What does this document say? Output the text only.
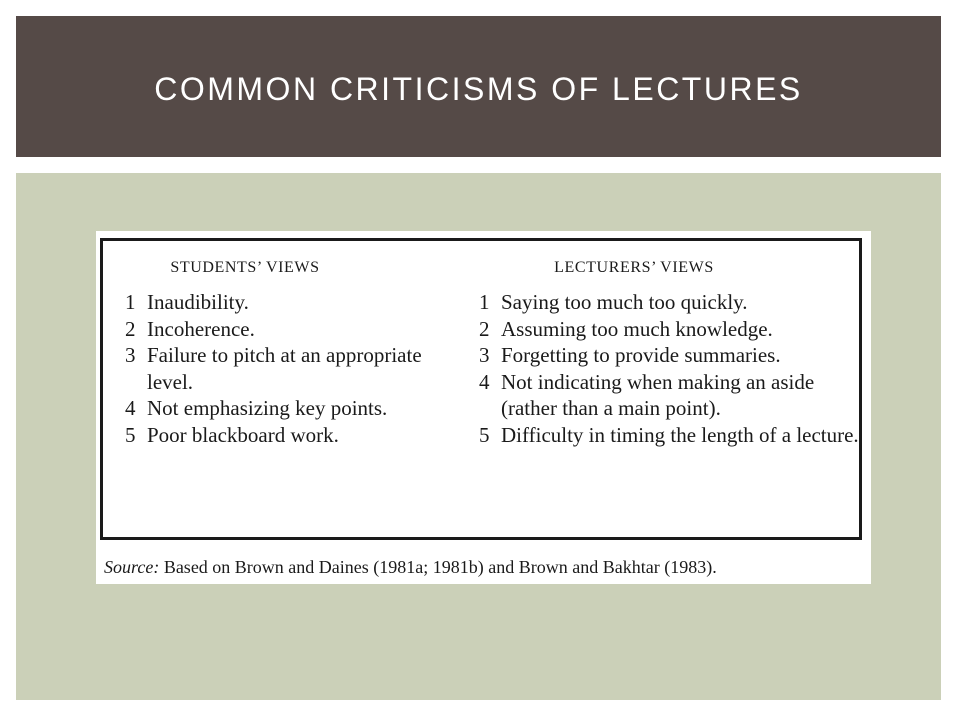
COMMON CRITICISMS OF LECTURES
STUDENTS’ VIEWS
1 Inaudibility.
2 Incoherence.
3 Failure to pitch at an appropriate level.
4 Not emphasizing key points.
5 Poor blackboard work.
LECTURERS’ VIEWS
1 Saying too much too quickly.
2 Assuming too much knowledge.
3 Forgetting to provide summaries.
4 Not indicating when making an aside (rather than a main point).
5 Difficulty in timing the length of a lecture.
Source: Based on Brown and Daines (1981a; 1981b) and Brown and Bakhtar (1983).
